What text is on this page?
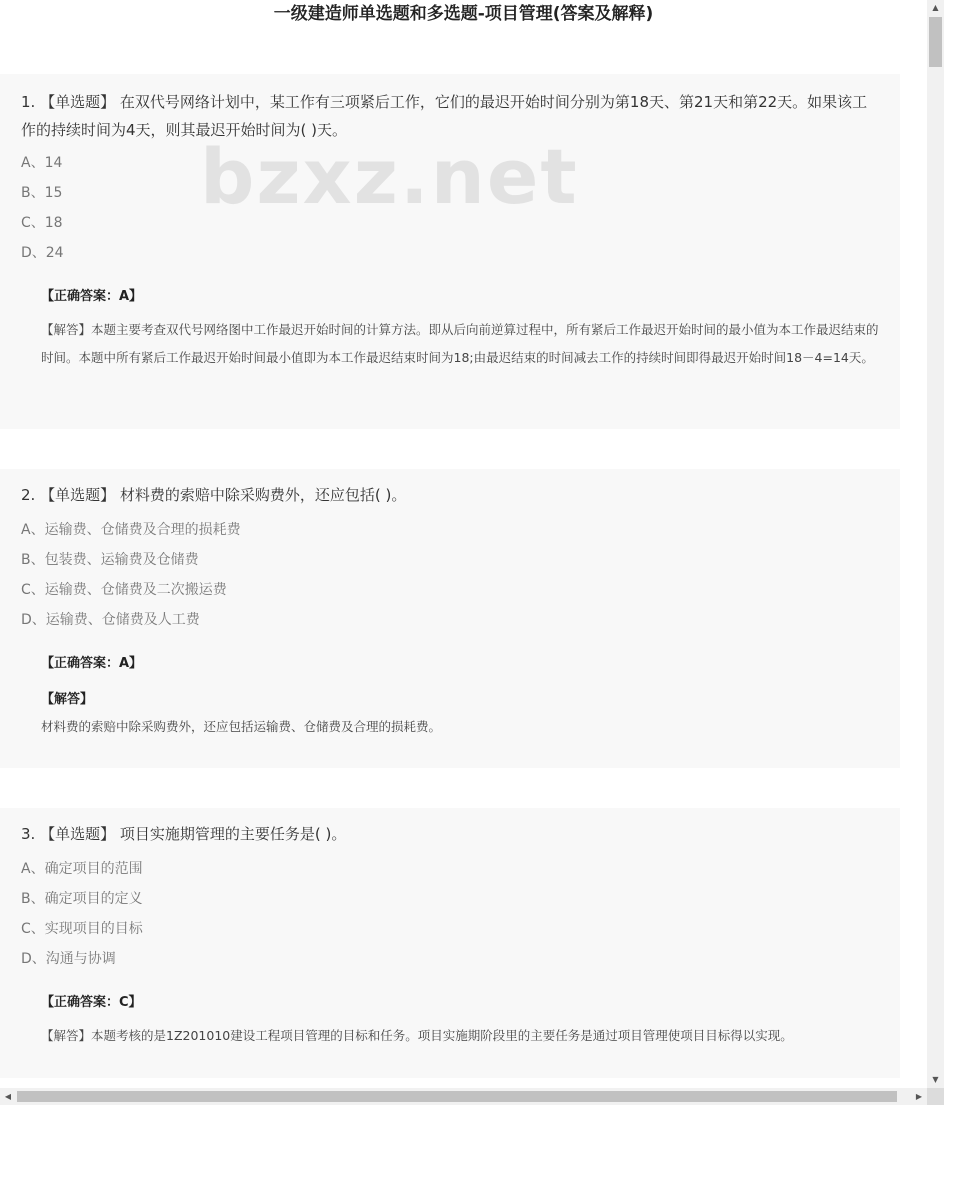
一级建造师单选题和多选题-项目管理(答案及解释)

1. 【单选题】 在双代号网络计划中，某工作有三项紧后工作，它们的最迟开始时间分别为第18天、第21天和第22天。如果该工作的持续时间为4天，则其最迟开始时间为( )天。

A、14
B、15
C、18
D、24
【正确答案：A】
【解答】本题主要考查双代号网络图中工作最迟开始时间的计算方法。即从后向前逆算过程中，所有紧后工作最迟开始时间的最小值为本工作最迟结束的时间。本题中所有紧后工作最迟开始时间最小值即为本工作最迟结束时间为18;由最迟结束的时间减去工作的持续时间即得最迟开始时间18－4=14天。

2. 【单选题】 材料费的索赔中除采购费外，还应包括( )。

A、运输费、仓储费及合理的损耗费
B、包装费、运输费及仓储费
C、运输费、仓储费及二次搬运费
D、运输费、仓储费及人工费
【正确答案：A】
【解答】
材料费的索赔中除采购费外，还应包括运输费、仓储费及合理的损耗费。

3. 【单选题】 项目实施期管理的主要任务是( )。

A、确定项目的范围
B、确定项目的定义
C、实现项目的目标
D、沟通与协调
【正确答案：C】
【解答】本题考核的是1Z201010建设工程项目管理的目标和任务。项目实施期阶段里的主要任务是通过项目管理使项目目标得以实现。
bzxz.net
▲
▼
◀	▶
